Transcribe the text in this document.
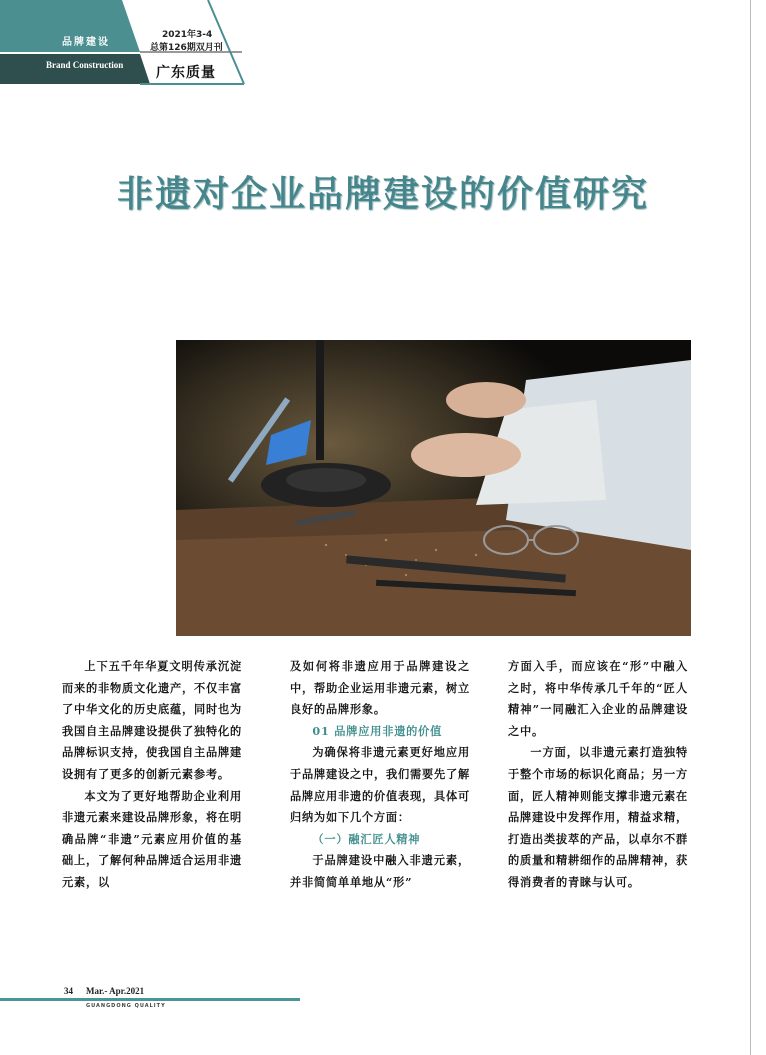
品牌建设
Brand Construction
2021年3-4
总第126期双月刊
广东质量
非遗对企业品牌建设的价值研究

上下五千年华夏文明传承沉淀而来的非物质文化遗产，不仅丰富了中华文化的历史底蕴，同时也为我国自主品牌建设提供了独特化的品牌标识支持，使我国自主品牌建设拥有了更多的创新元素参考。

本文为了更好地帮助企业利用非遗元素来建设品牌形象，将在明确品牌“非遗”元素应用价值的基础上，了解何种品牌适合运用非遗元素，以

及如何将非遗应用于品牌建设之中，帮助企业运用非遗元素，树立良好的品牌形象。

01 品牌应用非遗的价值

为确保将非遗元素更好地应用于品牌建设之中，我们需要先了解品牌应用非遗的价值表现，具体可归纳为如下几个方面：

（一）融汇匠人精神

于品牌建设中融入非遗元素，并非简简单单地从“形”

方面入手，而应该在“形”中融入之时，将中华传承几千年的“匠人精神”一同融汇入企业的品牌建设之中。

一方面，以非遗元素打造独特于整个市场的标识化商品；另一方面，匠人精神则能支撑非遗元素在品牌建设中发挥作用，精益求精，打造出类拔萃的产品，以卓尔不群的质量和精耕细作的品牌精神，获得消费者的青睐与认可。

34 Mar.- Apr.2021
GUANGDONG QUALITY
